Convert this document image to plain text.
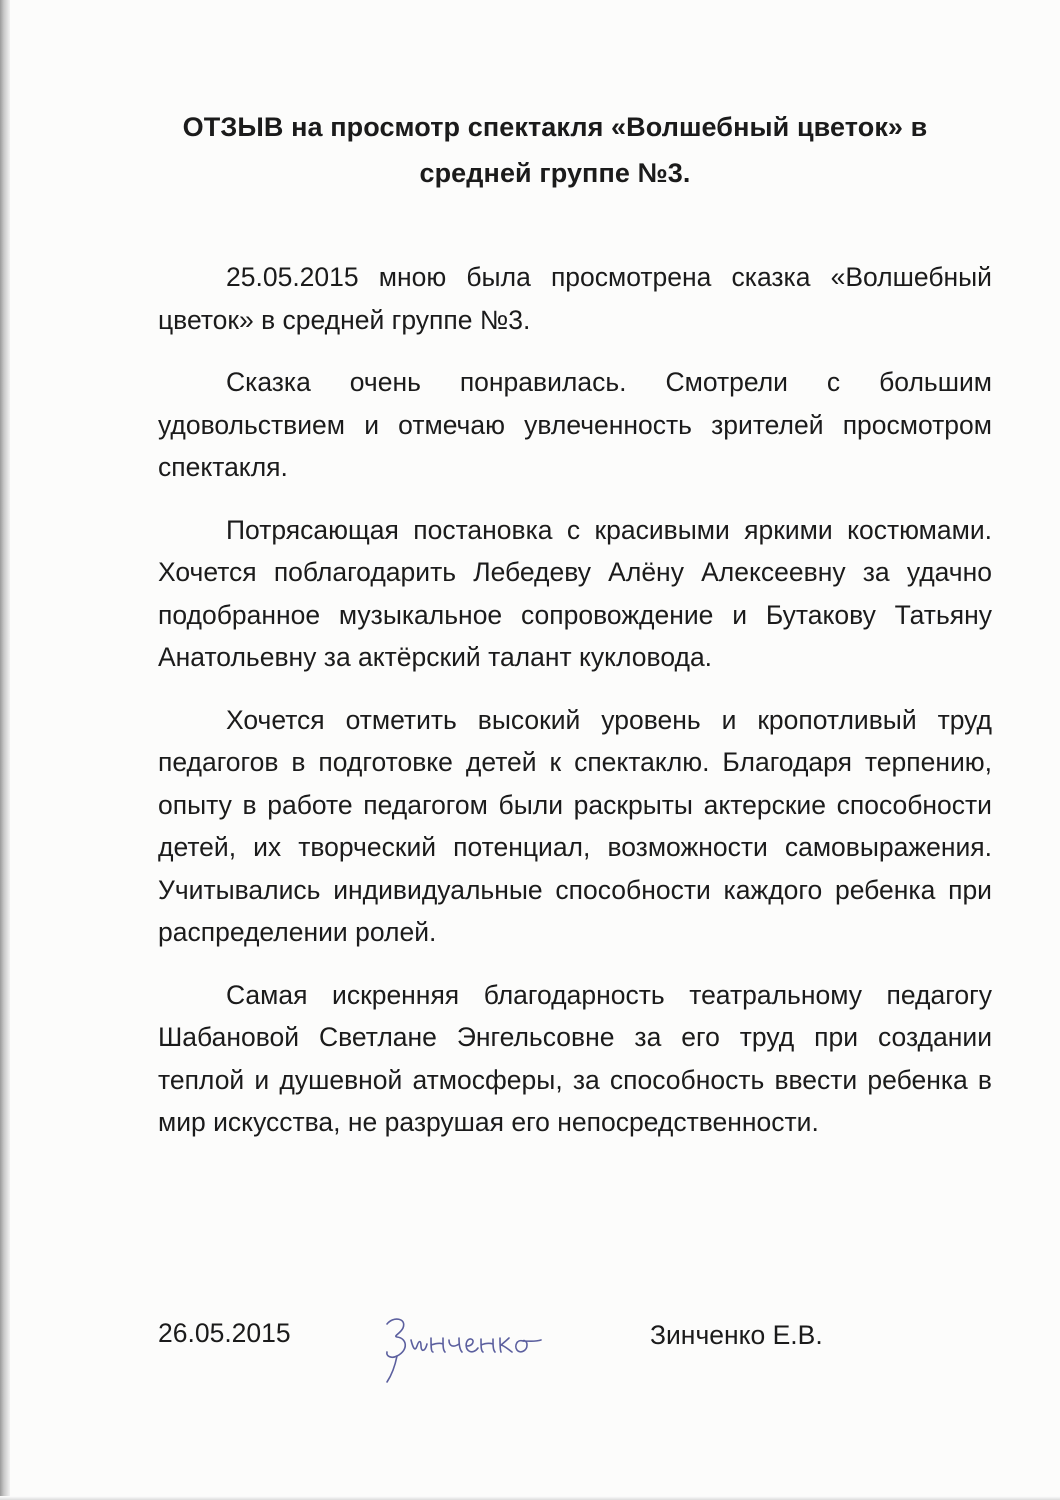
ОТЗЫВ на просмотр спектакля «Волшебный цветок» в
средней группе №3.

25.05.2015 мною была просмотрена сказка «Волшебный цветок» в средней группе №3.

Сказка очень понравилась. Смотрели с большим удовольствием и отмечаю увлеченность зрителей просмотром спектакля.

Потрясающая постановка с красивыми яркими костюмами. Хочется поблагодарить Лебедеву Алёну Алексеевну за удачно подобранное музыкальное сопровождение и Бутакову Татьяну Анатольевну за актёрский талант кукловода.

Хочется отметить высокий уровень и кропотливый труд педагогов в подготовке детей к спектаклю. Благодаря терпению, опыту в работе педагогом были раскрыты актерские способности детей, их творческий потенциал, возможности самовыражения. Учитывались индивидуальные способности каждого ребенка при распределении ролей.

Самая искренняя благодарность театральному педагогу Шабановой Светлане Энгельсовне за его труд при создании теплой и душевной атмосферы, за способность ввести ребенка в мир искусства, не разрушая его непосредственности.

26.05.2015	Зинченко Е.В.
